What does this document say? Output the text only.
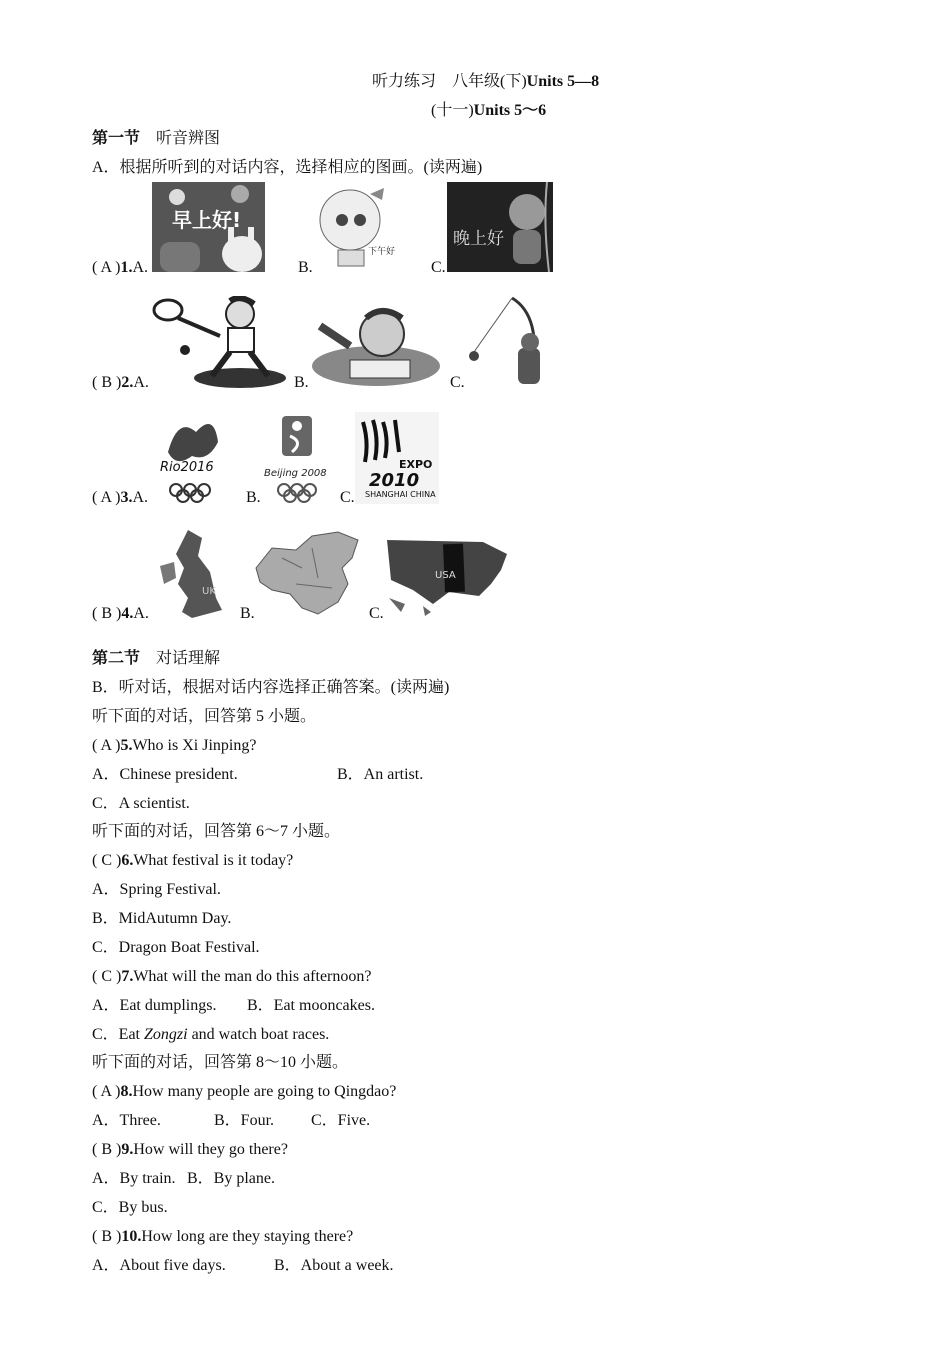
听力练习　八年级(下)Units 5—8
(十一)Units 5～6
第一节　 听音辨图
A．根据所听到的对话内容，选择相应的图画。(读两遍)
早上好!
下午好
晚上好
( A )1.A.	B.	C.
( B )2.A.	B.	C.
Rio2016	Beijing 2008
EXPO
2010
SHANGHAI CHINA
( A )3.A.	B.	C.
UK
USA
( B )4.A.	B.	C.
第二节　 对话理解
B．听对话，根据对话内容选择正确答案。(读两遍)
听下面的对话，回答第 5 小题。
( A )5.Who is Xi Jinping?
A．Chinese president.	B．An artist.
C．A scientist.
听下面的对话，回答第 6～7 小题。
( C )6.What festival is it today?
A．Spring Festival.
B．MidAutumn Day.
C．Dragon Boat Festival.
( C )7.What will the man do this afternoon?
A．Eat dumplings. B．Eat mooncakes.
C．Eat Zongzi and watch boat races.
听下面的对话，回答第 8～10 小题。
( A )8.How many people are going to Qingdao?
A．Three.	B．Four. C．Five.
( B )9.How will they go there?
A．By train. B．By plane.
C．By bus.
( B )10.How long are they staying there?
A．About five days.	B．About a week.
